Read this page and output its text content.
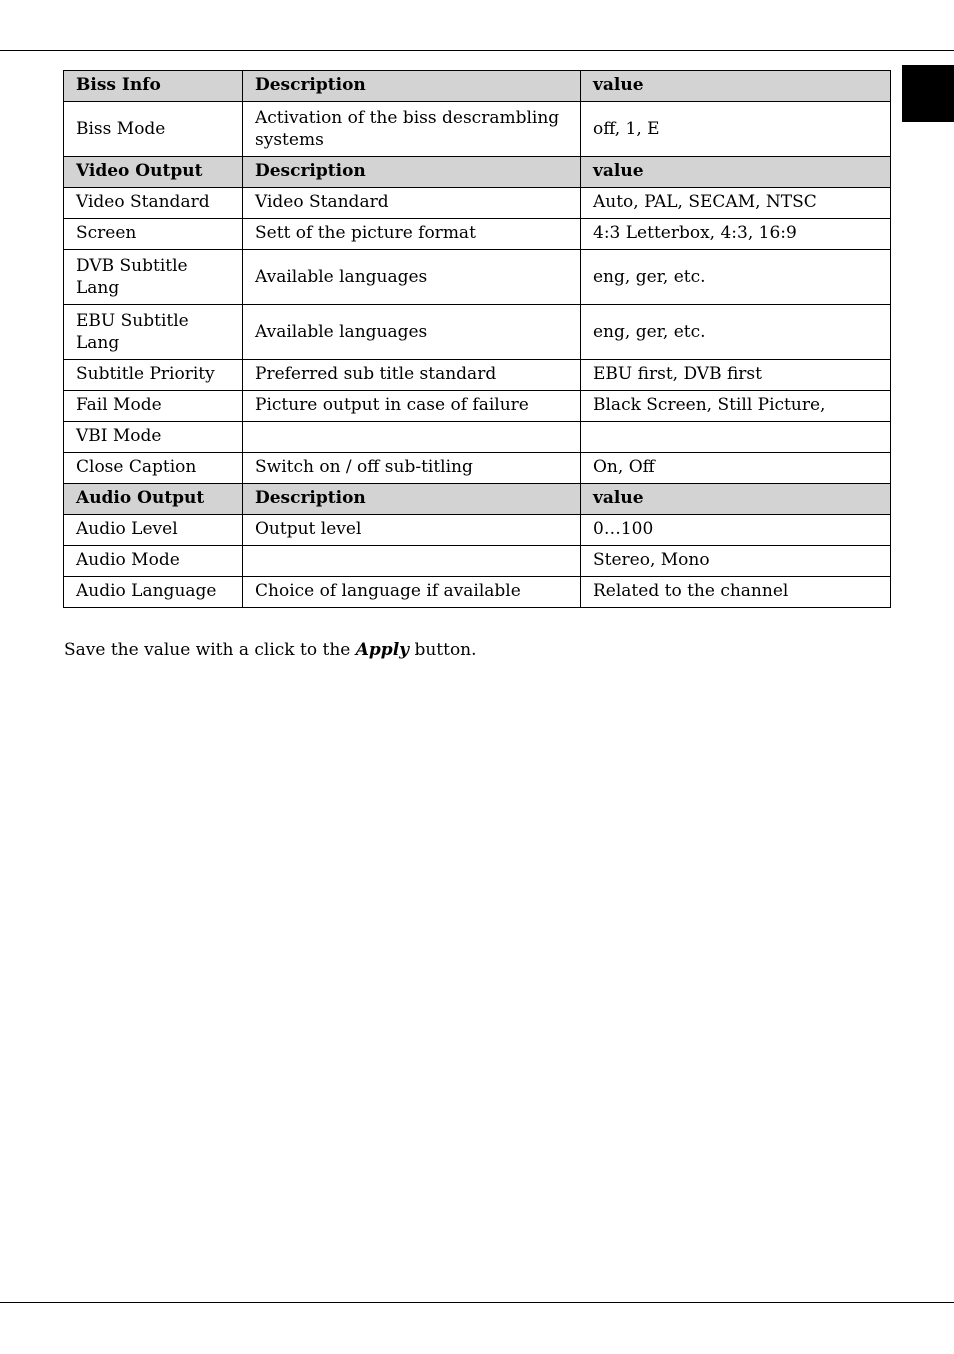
Biss Info	Description	value
Biss Mode	Activation of the biss descrambling systems	off, 1, E
Video Output	Description	value
Video Standard	Video Standard	Auto, PAL, SECAM, NTSC
Screen	Sett of the picture format	4:3 Letterbox, 4:3, 16:9
DVB Subtitle Lang	Available languages	eng, ger, etc.
EBU Subtitle Lang	Available languages	eng, ger, etc.
Subtitle Priority	Preferred sub title standard	EBU first, DVB first
Fail Mode	Picture output in case of failure	Black Screen, Still Picture,
VBI Mode		
Close Caption	Switch on / off sub-titling	On, Off
Audio Output	Description	value
Audio Level	Output level	0…100
Audio Mode		Stereo, Mono
Audio Language	Choice of language if available	Related to the channel
Save the value with a click to the Apply button.
